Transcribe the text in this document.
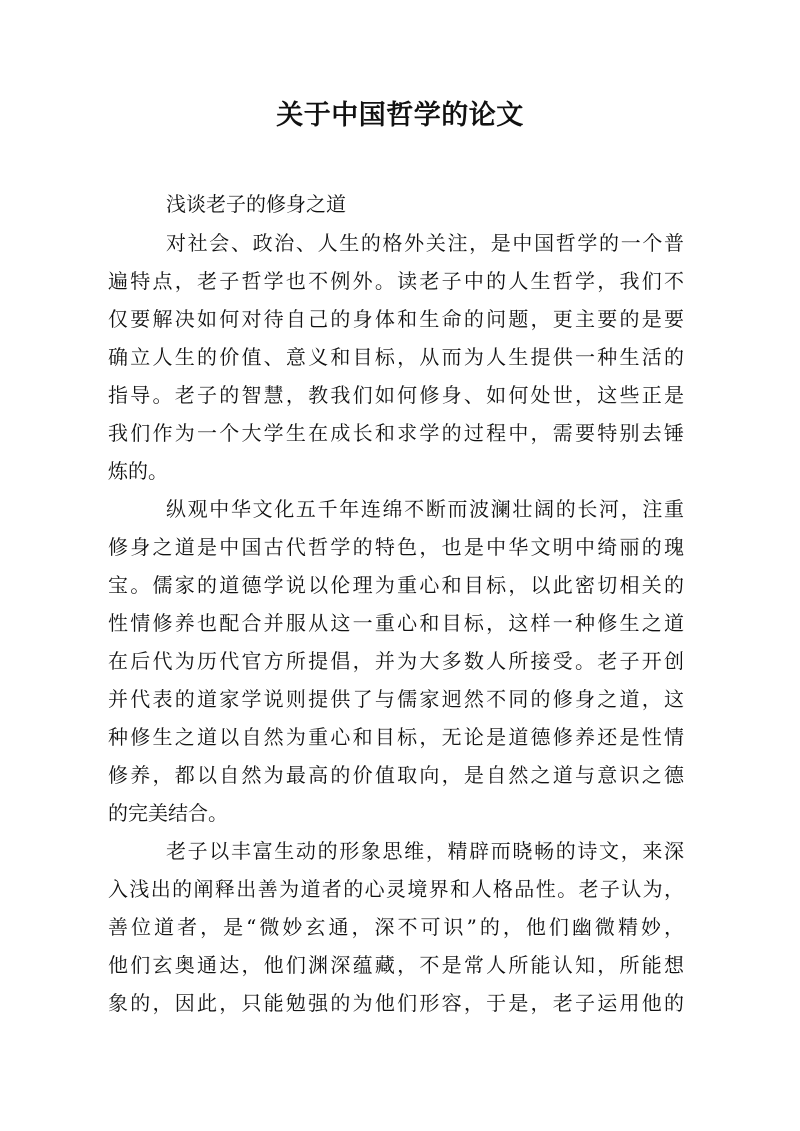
关于中国哲学的论文
浅谈老子的修身之道
对社会、政治、人生的格外关注，是中国哲学的一个普
遍特点，老子哲学也不例外。读老子中的人生哲学，我们不
仅要解决如何对待自己的身体和生命的问题，更主要的是要
确立人生的价值、意义和目标，从而为人生提供一种生活的
指导。老子的智慧，教我们如何修身、如何处世，这些正是
我们作为一个大学生在成长和求学的过程中，需要特别去锤
炼的。
纵观中华文化五千年连绵不断而波澜壮阔的长河，注重
修身之道是中国古代哲学的特色，也是中华文明中绮丽的瑰
宝。儒家的道德学说以伦理为重心和目标，以此密切相关的
性情修养也配合并服从这一重心和目标，这样一种修生之道
在后代为历代官方所提倡，并为大多数人所接受。老子开创
并代表的道家学说则提供了与儒家迥然不同的修身之道，这
种修生之道以自然为重心和目标，无论是道德修养还是性情
修养，都以自然为最高的价值取向，是自然之道与意识之德
的完美结合。
老子以丰富生动的形象思维，精辟而晓畅的诗文，来深
入浅出的阐释出善为道者的心灵境界和人格品性。老子认为，
善位道者，是“微妙玄通，深不可识”的，他们幽微精妙，
他们玄奥通达，他们渊深蕴藏，不是常人所能认知，所能想
象的，因此，只能勉强的为他们形容，于是，老子运用他的
